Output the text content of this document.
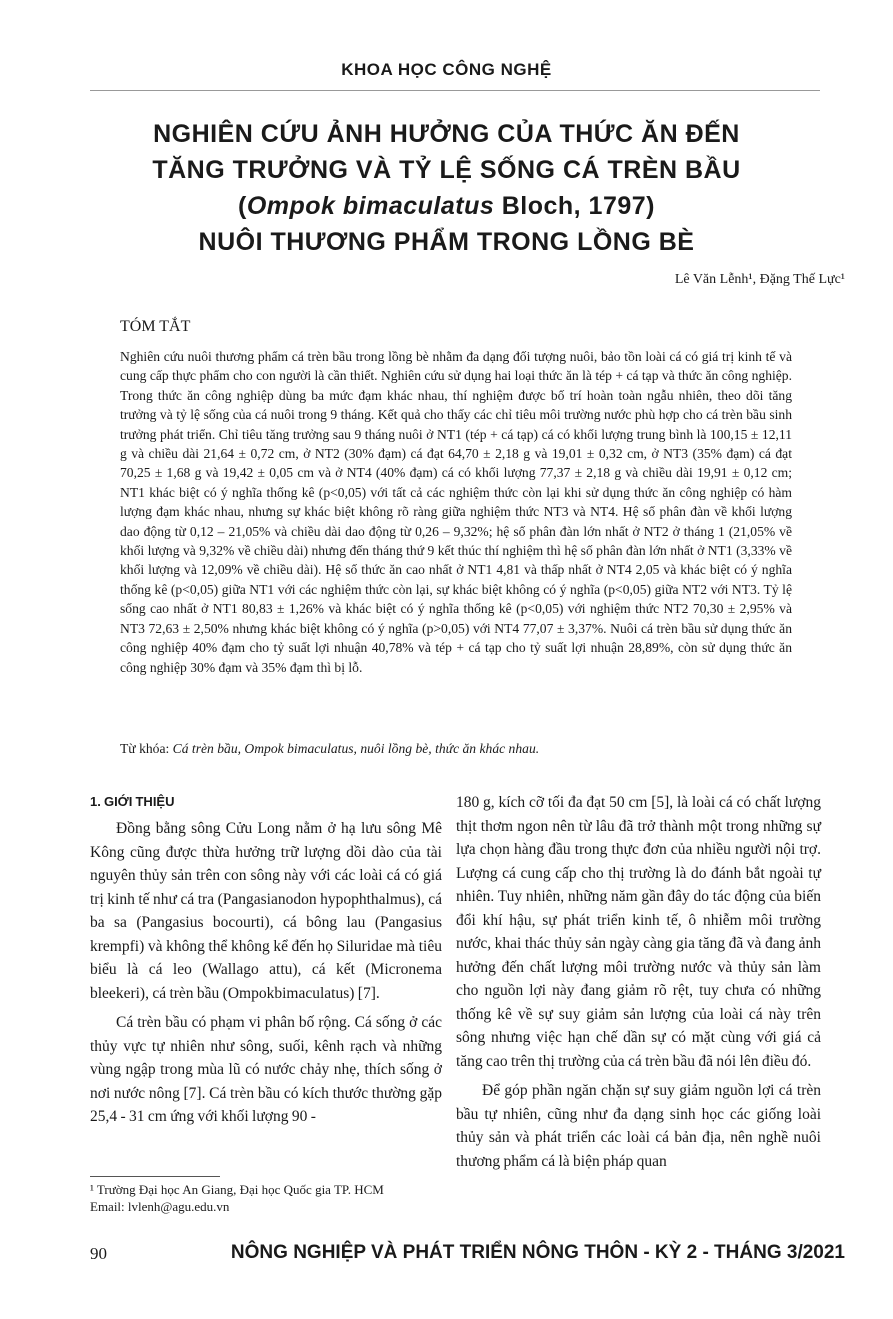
KHOA HỌC CÔNG NGHỆ
NGHIÊN CỨU ẢNH HƯỞNG CỦA THỨC ĂN ĐẾN
TĂNG TRƯỞNG VÀ TỶ LỆ SỐNG CÁ TRÈN BẦU
(Ompok bimaculatus Bloch, 1797)
NUÔI THƯƠNG PHẨM TRONG LỒNG BÈ
Lê Văn Lễnh¹, Đặng Thế Lực¹
TÓM TẮT
Nghiên cứu nuôi thương phẩm cá trèn bầu trong lồng bè nhằm đa dạng đối tượng nuôi, bảo tồn loài cá có giá trị kinh tế và cung cấp thực phẩm cho con người là cần thiết. Nghiên cứu sử dụng hai loại thức ăn là tép + cá tạp và thức ăn công nghiệp. Trong thức ăn công nghiệp dùng ba mức đạm khác nhau, thí nghiệm được bố trí hoàn toàn ngẫu nhiên, theo dõi tăng trưởng và tỷ lệ sống của cá nuôi trong 9 tháng. Kết quả cho thấy các chỉ tiêu môi trường nước phù hợp cho cá trèn bầu sinh trưởng phát triển. Chỉ tiêu tăng trưởng sau 9 tháng nuôi ở NT1 (tép + cá tạp) cá có khối lượng trung bình là 100,15 ± 12,11 g và chiều dài 21,64 ± 0,72 cm, ở NT2 (30% đạm) cá đạt 64,70 ± 2,18 g và 19,01 ± 0,32 cm, ở NT3 (35% đạm) cá đạt 70,25 ± 1,68 g và 19,42 ± 0,05 cm và ở NT4 (40% đạm) cá có khối lượng 77,37 ± 2,18 g và chiều dài 19,91 ± 0,12 cm; NT1 khác biệt có ý nghĩa thống kê (p<0,05) với tất cả các nghiệm thức còn lại khi sử dụng thức ăn công nghiệp có hàm lượng đạm khác nhau, nhưng sự khác biệt không rõ ràng giữa nghiệm thức NT3 và NT4. Hệ số phân đàn về khối lượng dao động từ 0,12 – 21,05% và chiều dài dao động từ 0,26 – 9,32%; hệ số phân đàn lớn nhất ở NT2 ở tháng 1 (21,05% về khối lượng và 9,32% về chiều dài) nhưng đến tháng thứ 9 kết thúc thí nghiệm thì hệ số phân đàn lớn nhất ở NT1 (3,33% về khối lượng và 12,09% về chiều dài). Hệ số thức ăn cao nhất ở NT1 4,81 và thấp nhất ở NT4 2,05 và khác biệt có ý nghĩa thống kê (p<0,05) giữa NT1 với các nghiệm thức còn lại, sự khác biệt không có ý nghĩa (p<0,05) giữa NT2 với NT3. Tỷ lệ sống cao nhất ở NT1 80,83 ± 1,26% và khác biệt có ý nghĩa thống kê (p<0,05) với nghiệm thức NT2 70,30 ± 2,95% và NT3 72,63 ± 2,50% nhưng khác biệt không có ý nghĩa (p>0,05) với NT4 77,07 ± 3,37%. Nuôi cá trèn bầu sử dụng thức ăn công nghiệp 40% đạm cho tỷ suất lợi nhuận 40,78% và tép + cá tạp cho tỷ suất lợi nhuận 28,89%, còn sử dụng thức ăn công nghiệp 30% đạm và 35% đạm thì bị lỗ.
Từ khóa: Cá trèn bầu, Ompok bimaculatus, nuôi lồng bè, thức ăn khác nhau.
1. GIỚI THIỆU

Đồng bằng sông Cửu Long nằm ở hạ lưu sông Mê Kông cũng được thừa hưởng trữ lượng dồi dào của tài nguyên thủy sản trên con sông này với các loài cá có giá trị kinh tế như cá tra (Pangasianodon hypophthalmus), cá ba sa (Pangasius bocourti), cá bông lau (Pangasius krempfi) và không thể không kể đến họ Siluridae mà tiêu biểu là cá leo (Wallago attu), cá kết (Micronema bleekeri), cá trèn bầu (Ompokbimaculatus) [7].

Cá trèn bầu có phạm vi phân bố rộng. Cá sống ở các thủy vực tự nhiên như sông, suối, kênh rạch và những vùng ngập trong mùa lũ có nước chảy nhẹ, thích sống ở nơi nước nông [7]. Cá trèn bầu có kích thước thường gặp 25,4 - 31 cm ứng với khối lượng 90 -

180 g, kích cỡ tối đa đạt 50 cm [5], là loài cá có chất lượng thịt thơm ngon nên từ lâu đã trở thành một trong những sự lựa chọn hàng đầu trong thực đơn của nhiều người nội trợ. Lượng cá cung cấp cho thị trường là do đánh bắt ngoài tự nhiên. Tuy nhiên, những năm gần đây do tác động của biến đổi khí hậu, sự phát triển kinh tế, ô nhiễm môi trường nước, khai thác thủy sản ngày càng gia tăng đã và đang ảnh hưởng đến chất lượng môi trường nước và thủy sản làm cho nguồn lợi này đang giảm rõ rệt, tuy chưa có những thống kê về sự suy giảm sản lượng của loài cá này trên sông nhưng việc hạn chế dần sự có mặt cùng với giá cả tăng cao trên thị trường của cá trèn bầu đã nói lên điều đó.

Để góp phần ngăn chặn sự suy giảm nguồn lợi cá trèn bầu tự nhiên, cũng như đa dạng sinh học các giống loài thủy sản và phát triển các loài cá bản địa, nên nghề nuôi thương phẩm cá là biện pháp quan

¹ Trường Đại học An Giang, Đại học Quốc gia TP. HCM
Email: lvlenh@agu.edu.vn
90	NÔNG NGHIỆP VÀ PHÁT TRIỂN NÔNG THÔN - KỲ 2 - THÁNG 3/2021
